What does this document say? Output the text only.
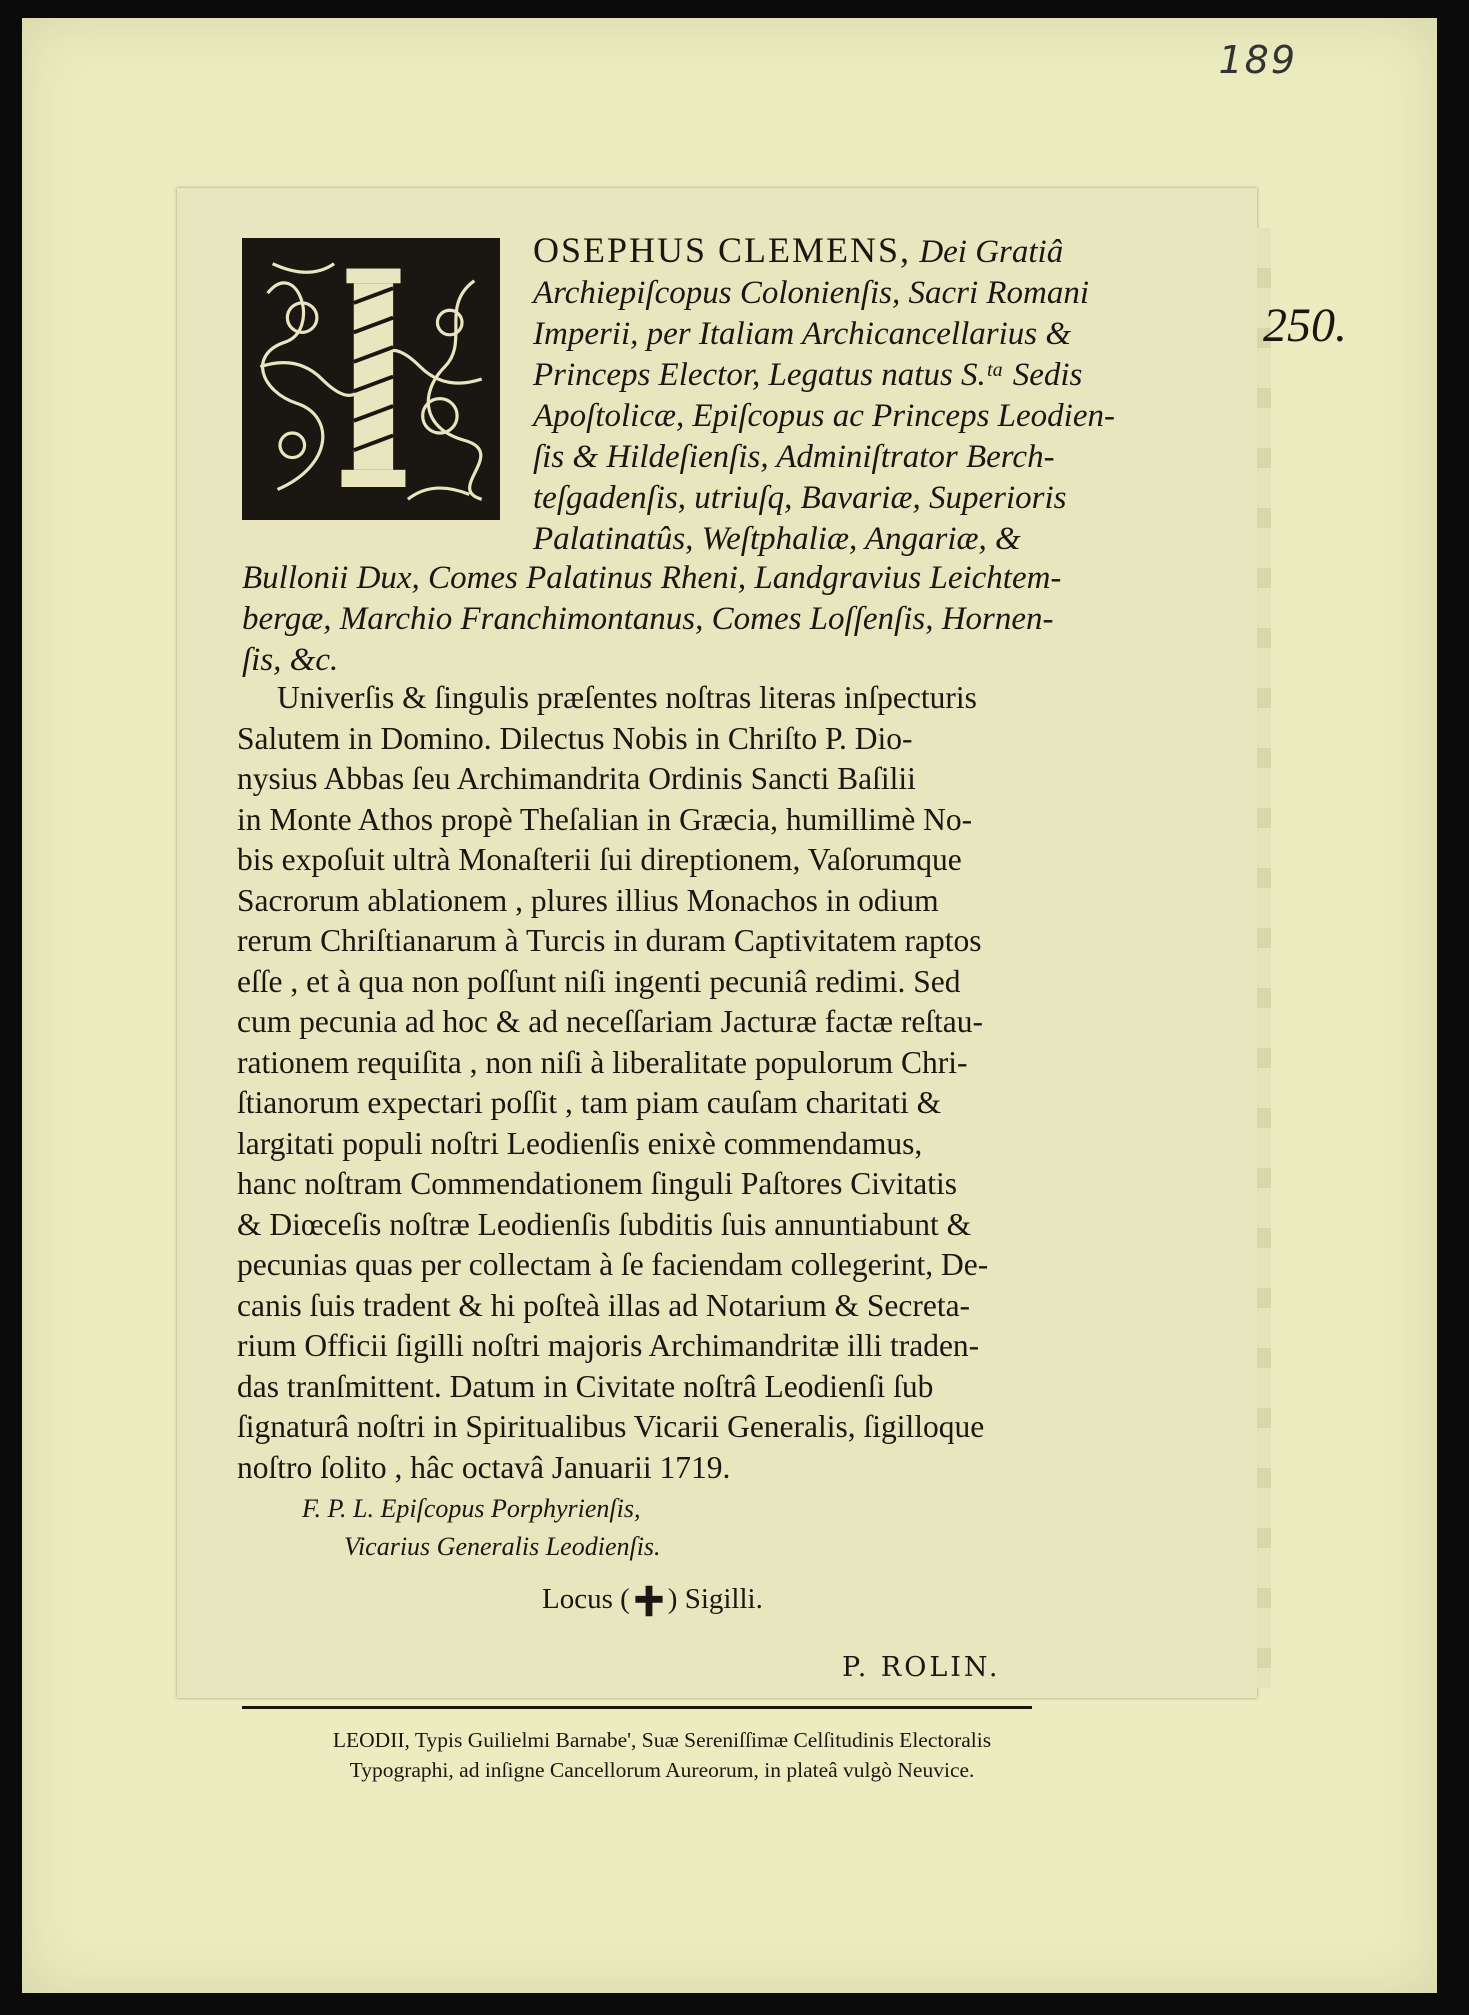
189
OSEPHUS CLEMENS, Dei Gratiâ
Archiepiſcopus Colonienſis, Sacri Romani
Imperii, per Italiam Archicancellarius &
Princeps Elector, Legatus natus S.ᵗᵃ Sedis
Apoſtolicæ, Epiſcopus ac Princeps Leodien-
ſis & Hildeſienſis, Adminiſtrator Berch-
teſgadenſis, utriuſq, Bavariæ, Superioris
Palatinatûs, Weſtphaliæ, Angariæ, &
Bullonii Dux, Comes Palatinus Rheni, Landgravius Leichtem-
bergæ, Marchio Franchimontanus, Comes Loſſenſis, Hornen-
ſis, &c.
250.
Univerſis & ſingulis præſentes noſtras literas inſpecturis
Salutem in Domino. Dilectus Nobis in Chriſto P. Dio-
nysius Abbas ſeu Archimandrita Ordinis Sancti Baſilii
in Monte Athos propè Theſalian in Græcia, humillimè No-
bis expoſuit ultrà Monaſterii ſui direptionem, Vaſorumque
Sacrorum ablationem , plures illius Monachos in odium
rerum Chriſtianarum à Turcis in duram Captivitatem raptos
eſſe , et à qua non poſſunt niſi ingenti pecuniâ redimi. Sed
cum pecunia ad hoc & ad neceſſariam Jacturæ factæ reſtau-
rationem requiſita , non niſi à liberalitate populorum Chri-
ſtianorum expectari poſſit , tam piam cauſam charitati &
largitati populi noſtri Leodienſis enixè commendamus,
hanc noſtram Commendationem ſinguli Paſtores Civitatis
& Diœceſis noſtræ Leodienſis ſubditis ſuis annuntiabunt &
pecunias quas per collectam à ſe faciendam collegerint, De-
canis ſuis tradent & hi poſteà illas ad Notarium & Secreta-
rium Officii ſigilli noſtri majoris Archimandritæ illi traden-
das tranſmittent. Datum in Civitate noſtrâ Leodienſi ſub
ſignaturâ noſtri in Spiritualibus Vicarii Generalis, ſigilloque
noſtro ſolito , hâc octavâ Januarii 1719.
F. P. L. Epiſcopus Porphyrienſis,
Vicarius Generalis Leodienſis.
Locus ( ) Sigilli.
P. ROLIN.
LEODII, Typis Guilielmi Barnabe', Suæ Sereniſſimæ Celſitudinis Electoralis
Typographi, ad inſigne Cancellorum Aureorum, in plateâ vulgò Neuvice.
